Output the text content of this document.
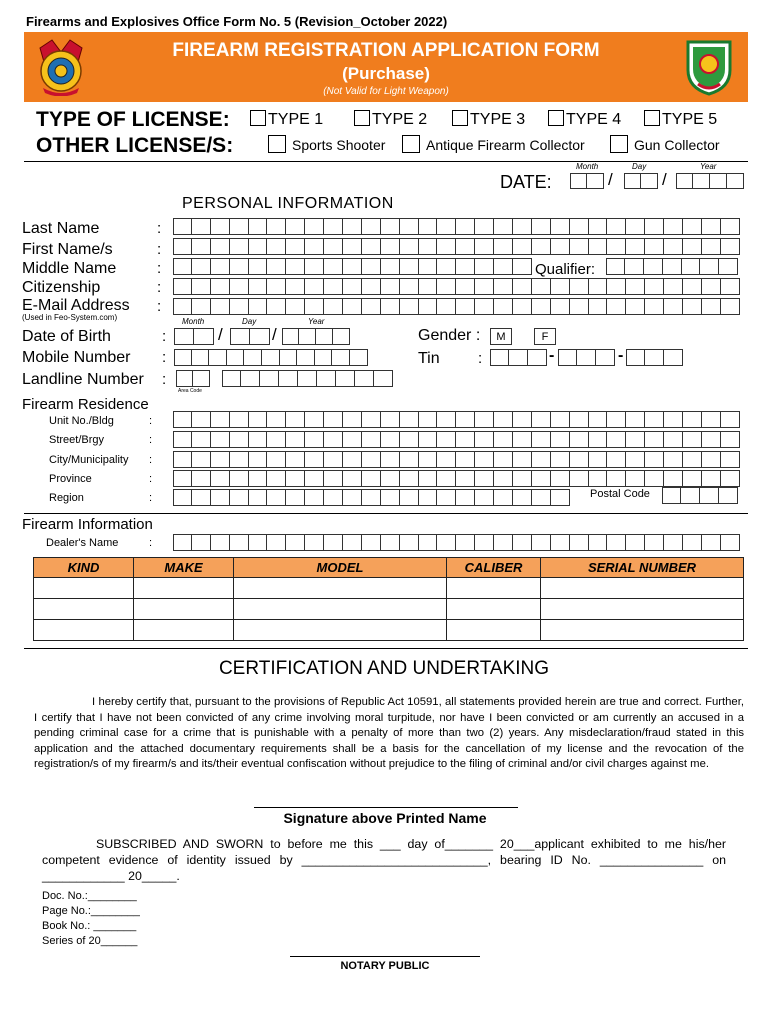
Firearms and Explosives Office Form No. 5 (Revision_October 2022)
FIREARM REGISTRATION APPLICATION FORM
(Purchase)
(Not Valid for Light Weapon)
TYPE OF LICENSE:	TYPE 1	TYPE 2	TYPE 3	TYPE 4	TYPE 5
OTHER LICENSE/S:	Sports Shooter	Antique Firearm Collector	Gun Collector
Month	Day	Year
DATE:	/	/
PERSONAL INFORMATION
Last Name	:
First Name/s	:
Middle Name	:	Qualifier:
Citizenship	:
E-Mail Address
(Used in Feo-System.com)
:
Month	Day	Year
Date of Birth	:	/	/	Gender :	M	F
Mobile Number :	Tin	:	-	-
Landline Number :
Area Code
Firearm Residence
Unit No./Bldg	:
Street/Brgy	:
City/Municipality :
Province	:
Region	:	Postal Code
Firearm Information
Dealer's Name	:
KIND	MAKE	MODEL	CALIBER	SERIAL NUMBER

CERTIFICATION AND UNDERTAKING
I hereby certify that, pursuant to the provisions of Republic Act 10591, all statements provided herein are true and correct. Further, I certify that I have not been convicted of any crime involving moral turpitude, nor have I been convicted or am currently an accused in a pending criminal case for a crime that is punishable with a penalty of more than two (2) years. Any misdeclaration/fraud stated in this application and the attached documentary requirements shall be a basis for the cancellation of my license and the revocation of the registration/s of my firearm/s and its/their eventual confiscation without prejudice to the filing of criminal and/or civil charges against me.
Signature above Printed Name
SUBSCRIBED AND SWORN to before me this ___ day of_______ 20___applicant exhibited to me his/her competent evidence of identity issued by ___________________________, bearing ID No. _______________ on ____________ 20_____.
Doc. No.:________
Page No.:________
Book No.: _______
Series of 20______
NOTARY PUBLIC
